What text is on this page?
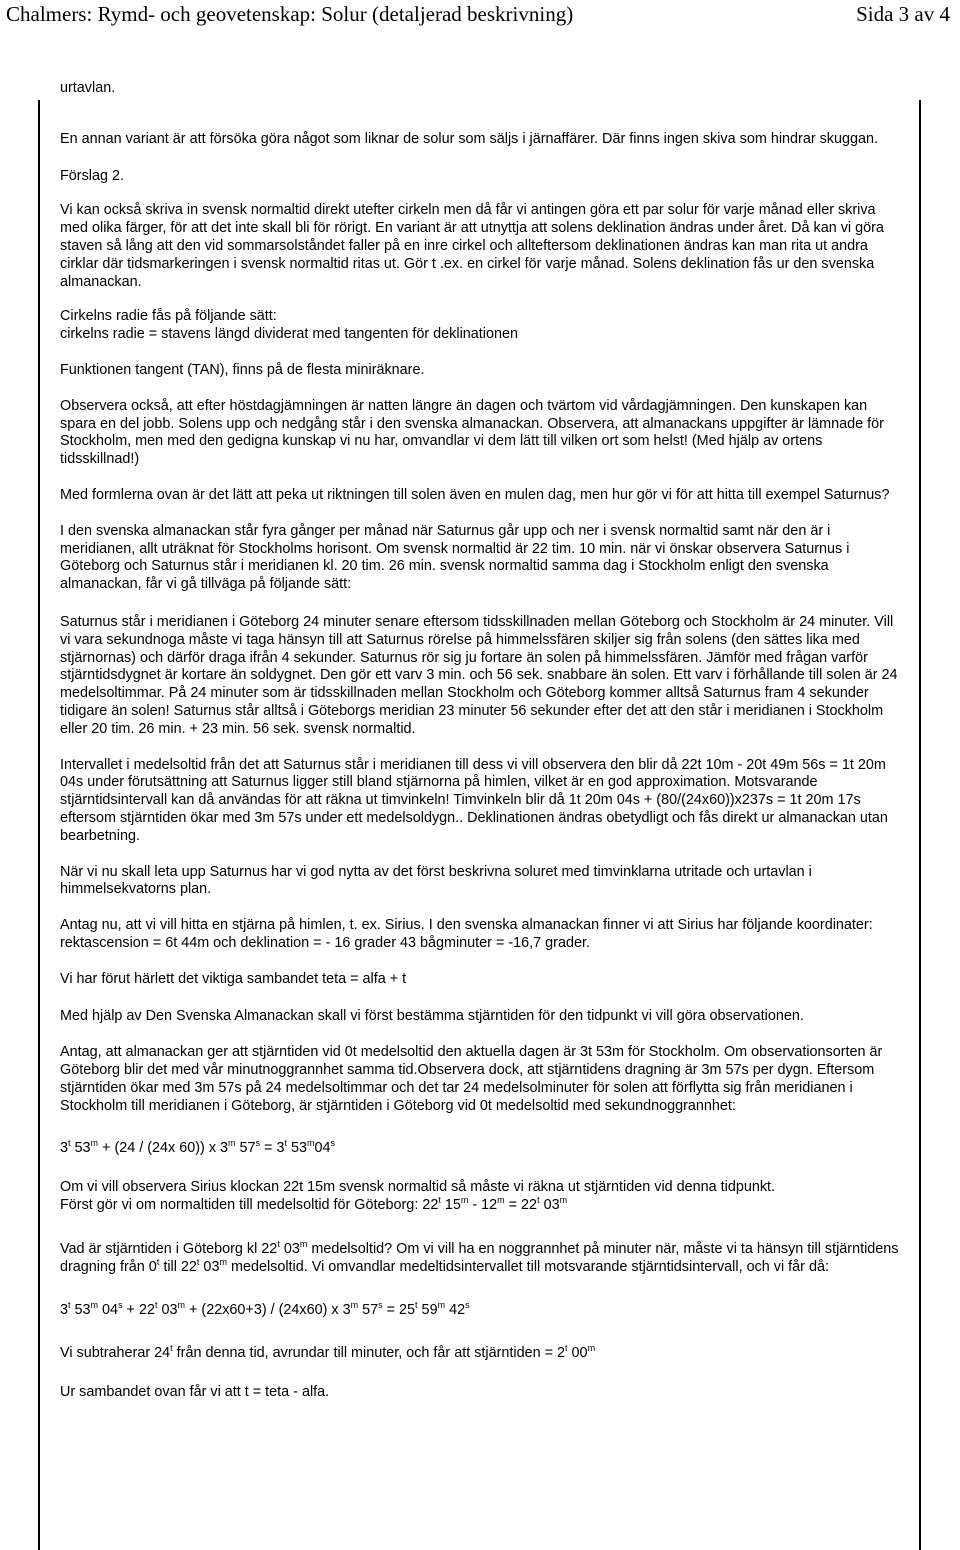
Chalmers: Rymd- och geovetenskap: Solur (detaljerad beskrivning)	Sida 3 av 4

urtavlan.

En annan variant är att försöka göra något som liknar de solur som säljs i järnaffärer. Där finns ingen skiva som hindrar skuggan.

Förslag 2.

Vi kan också skriva in svensk normaltid direkt utefter cirkeln men då får vi antingen göra ett par solur för varje månad eller skriva med olika färger, för att det inte skall bli för rörigt. En variant är att utnyttja att solens deklination ändras under året. Då kan vi göra staven så lång att den vid sommarsolståndet faller på en inre cirkel och allteftersom deklinationen ändras kan man rita ut andra cirklar där tidsmarkeringen i svensk normaltid ritas ut. Gör t .ex. en cirkel för varje månad. Solens deklination fås ur den svenska almanackan.

Cirkelns radie fås på följande sätt:

cirkelns radie = stavens längd dividerat med tangenten för deklinationen

Funktionen tangent (TAN), finns på de flesta miniräknare.

Observera också, att efter höstdagjämningen är natten längre än dagen och tvärtom vid vårdagjämningen. Den kunskapen kan spara en del jobb. Solens upp och nedgång står i den svenska almanackan. Observera, att almanackans uppgifter är lämnade för Stockholm, men med den gedigna kunskap vi nu har, omvandlar vi dem lätt till vilken ort som helst! (Med hjälp av ortens tidsskillnad!)

Med formlerna ovan är det lätt att peka ut riktningen till solen även en mulen dag, men hur gör vi för att hitta till exempel Saturnus?

I den svenska almanackan står fyra gånger per månad när Saturnus går upp och ner i svensk normaltid samt när den är i meridianen, allt uträknat för Stockholms horisont. Om svensk normaltid är 22 tim. 10 min. när vi önskar observera Saturnus i Göteborg och Saturnus står i meridianen kl. 20 tim. 26 min. svensk normaltid samma dag i Stockholm enligt den svenska almanackan, får vi gå tillväga på följande sätt:

Saturnus står i meridianen i Göteborg 24 minuter senare eftersom tidsskillnaden mellan Göteborg och Stockholm är 24 minuter. Vill vi vara sekundnoga måste vi taga hänsyn till att Saturnus rörelse på himmelssfären skiljer sig från solens (den sättes lika med stjärnornas) och därför draga ifrån 4 sekunder. Saturnus rör sig ju fortare än solen på himmelssfären. Jämför med frågan varför stjärntidsdygnet är kortare än soldygnet. Den gör ett varv 3 min. och 56 sek. snabbare än solen. Ett varv i förhållande till solen är 24 medelsoltimmar. På 24 minuter som är tidsskillnaden mellan Stockholm och Göteborg kommer alltså Saturnus fram 4 sekunder tidigare än solen! Saturnus står alltså i Göteborgs meridian 23 minuter 56 sekunder efter det att den står i meridianen i Stockholm eller 20 tim. 26 min. + 23 min. 56 sek. svensk normaltid.

Intervallet i medelsoltid från det att Saturnus står i meridianen till dess vi vill observera den blir då 22t 10m - 20t 49m 56s = 1t 20m 04s under förutsättning att Saturnus ligger still bland stjärnorna på himlen, vilket är en god approximation. Motsvarande stjärntidsintervall kan då användas för att räkna ut timvinkeln! Timvinkeln blir då 1t 20m 04s + (80/(24x60))x237s = 1t 20m 17s eftersom stjärntiden ökar med 3m 57s under ett medelsoldygn.. Deklinationen ändras obetydligt och fås direkt ur almanackan utan bearbetning.

När vi nu skall leta upp Saturnus har vi god nytta av det först beskrivna soluret med timvinklarna utritade och urtavlan i himmelsekvatorns plan.

Antag nu, att vi vill hitta en stjärna på himlen, t. ex. Sirius. I den svenska almanackan finner vi att Sirius har följande koordinater: rektascension = 6t 44m och deklination = - 16 grader 43 bågminuter = -16,7 grader.

Vi har förut härlett det viktiga sambandet teta = alfa + t

Med hjälp av Den Svenska Almanackan skall vi först bestämma stjärntiden för den tidpunkt vi vill göra observationen.

Antag, att almanackan ger att stjärntiden vid 0t medelsoltid den aktuella dagen är 3t 53m för Stockholm. Om observationsorten är Göteborg blir det med vår minutnoggrannhet samma tid.Observera dock, att stjärntidens dragning är 3m 57s per dygn. Eftersom stjärntiden ökar med 3m 57s på 24 medelsoltimmar och det tar 24 medelsolminuter för solen att förflytta sig från meridianen i Stockholm till meridianen i Göteborg, är stjärntiden i Göteborg vid 0t medelsoltid med sekundnoggrannhet:

3$^t$ $53^m + (24 / (24x$ 60)) x 3$^m$ $57^s = 3^t$ 53$^m$04$^s$

Om vi vill observera Sirius klockan 22t 15m svensk normaltid så måste vi räkna ut stjärntiden vid denna tidpunkt.

Först gör vi om normaltiden till medelsoltid för Göteborg: 22$^t$ $15^m - 12^m = 22^t$ 03$^m$

Vad är stjärntiden i Göteborg kl 22$^t$ 03$^m$ medelsoltid? Om vi vill ha en noggrannhet på minuter när, måste vi ta hänsyn till stjärntidens dragning från 0$^t$ till 22$^t$ 03$^m$ medelsoltid. Vi omvandlar medeltidsintervallet till motsvarande stjärntidsintervall, och vi får då:

3$^t$ 53$^m$ $04^s + 22^t$ $03^m + (22x60+3) / (24x60)$ x 3$^m$ $57^s = 25^t$ 59$^m$ 42$^s$

Vi subtraherar 24$^t$ från denna tid, avrundar till minuter, och får att stjärntiden = $2^t$ 00$^m$

Ur sambandet ovan får vi att t = teta - alfa.
